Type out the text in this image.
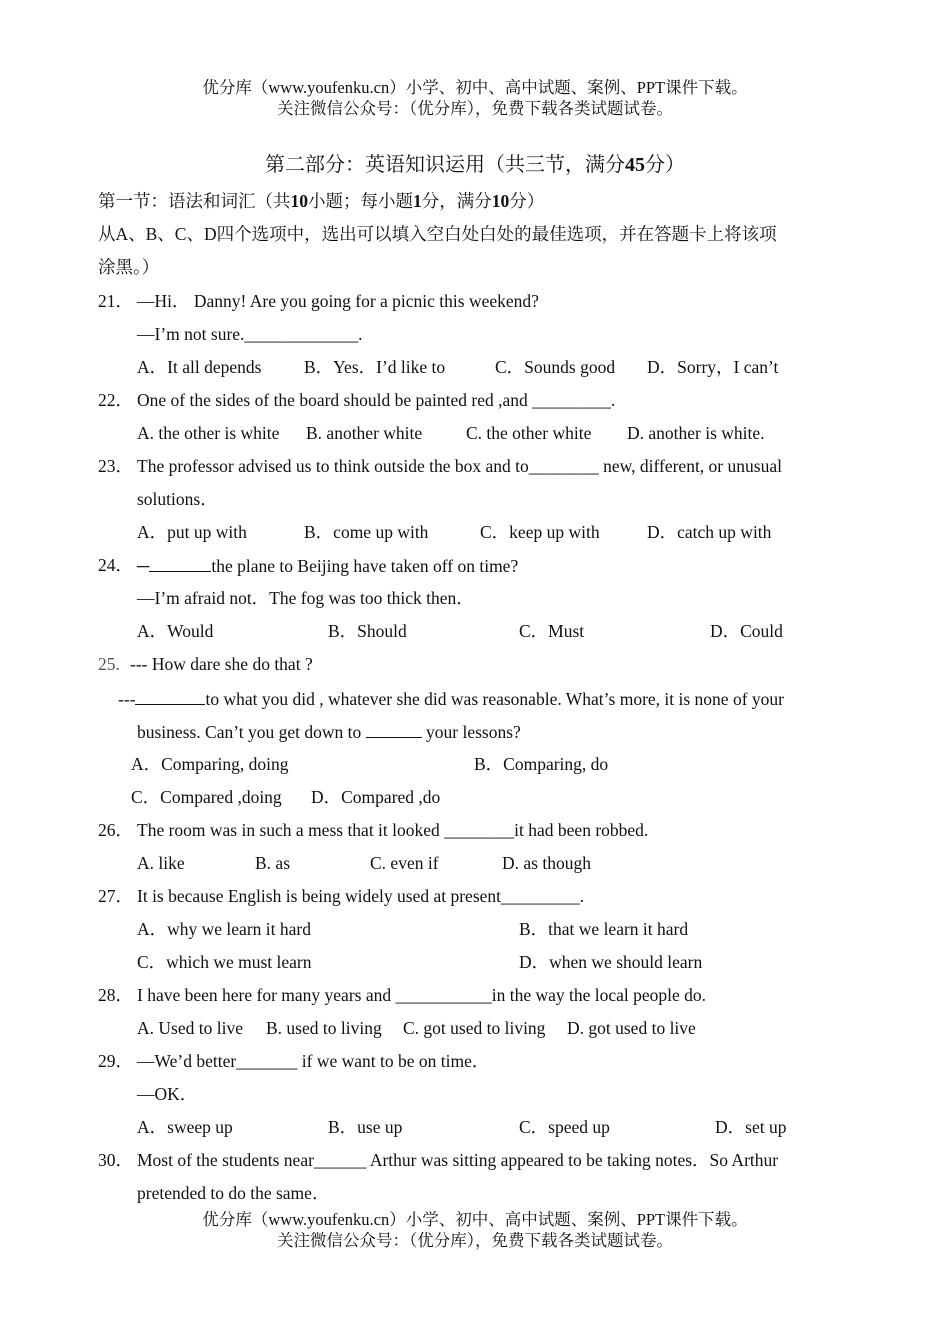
优分库（www.youfenku.cn）小学、初中、高中试题、案例、PPT课件下载。
关注微信公众号：（优分库），免费下载各类试题试卷。
第二部分：英语知识运用（共三节，满分45分）
第一节：语法和词汇（共10小题；每小题1分，满分10分）
从A、B、C、D四个选项中，选出可以填入空白处白处的最佳选项，并在答题卡上将该项
涂黑。）
21． —Hi． Danny! Are you going for a picnic this weekend?
—I’m not sure._____________.
A．It all depends B．Yes．I’d like to	C．Sounds good D．Sorry，I can’t
22． One of the sides of the board should be painted red ,and _________.
A. the other is white B. another white	C. the other white D. another is white.
23． The professor advised us to think outside the box and to________ new, different, or unusual
solutions．
A．put up with	B．come up with	C．keep up with	D．catch up with
24． ─	the plane to Beijing have taken off on time?
—I’m afraid not．The fog was too thick then．
A．Would	B．Should	C．Must	D．Could
25. --- How dare she do that ?
---	to what you did , whatever she did was reasonable. What’s more, it is none of your
business. Can’t you get down to	your lessons?
A．Comparing, doing	B．Comparing, do
C．Compared ,doing D．Compared ,do
26． The room was in such a mess that it looked ________it had been robbed.
A. like	B. as	C. even if	D. as though
27． It is because English is being widely used at present_________.
A．why we learn it hard	B．that we learn it hard
C．which we must learn	D．when we should learn
28． I have been here for many years and ___________in the way the local people do.
A. Used to live B. used to living C. got used to living D. got used to live
29． —We’d better_______ if we want to be on time．
—OK．
A．sweep up	B．use up	C．speed up	D．set up
30． Most of the students near______ Arthur was sitting appeared to be taking notes．So Arthur
pretended to do the same．
优分库（www.youfenku.cn）小学、初中、高中试题、案例、PPT课件下载。
关注微信公众号：（优分库），免费下载各类试题试卷。
